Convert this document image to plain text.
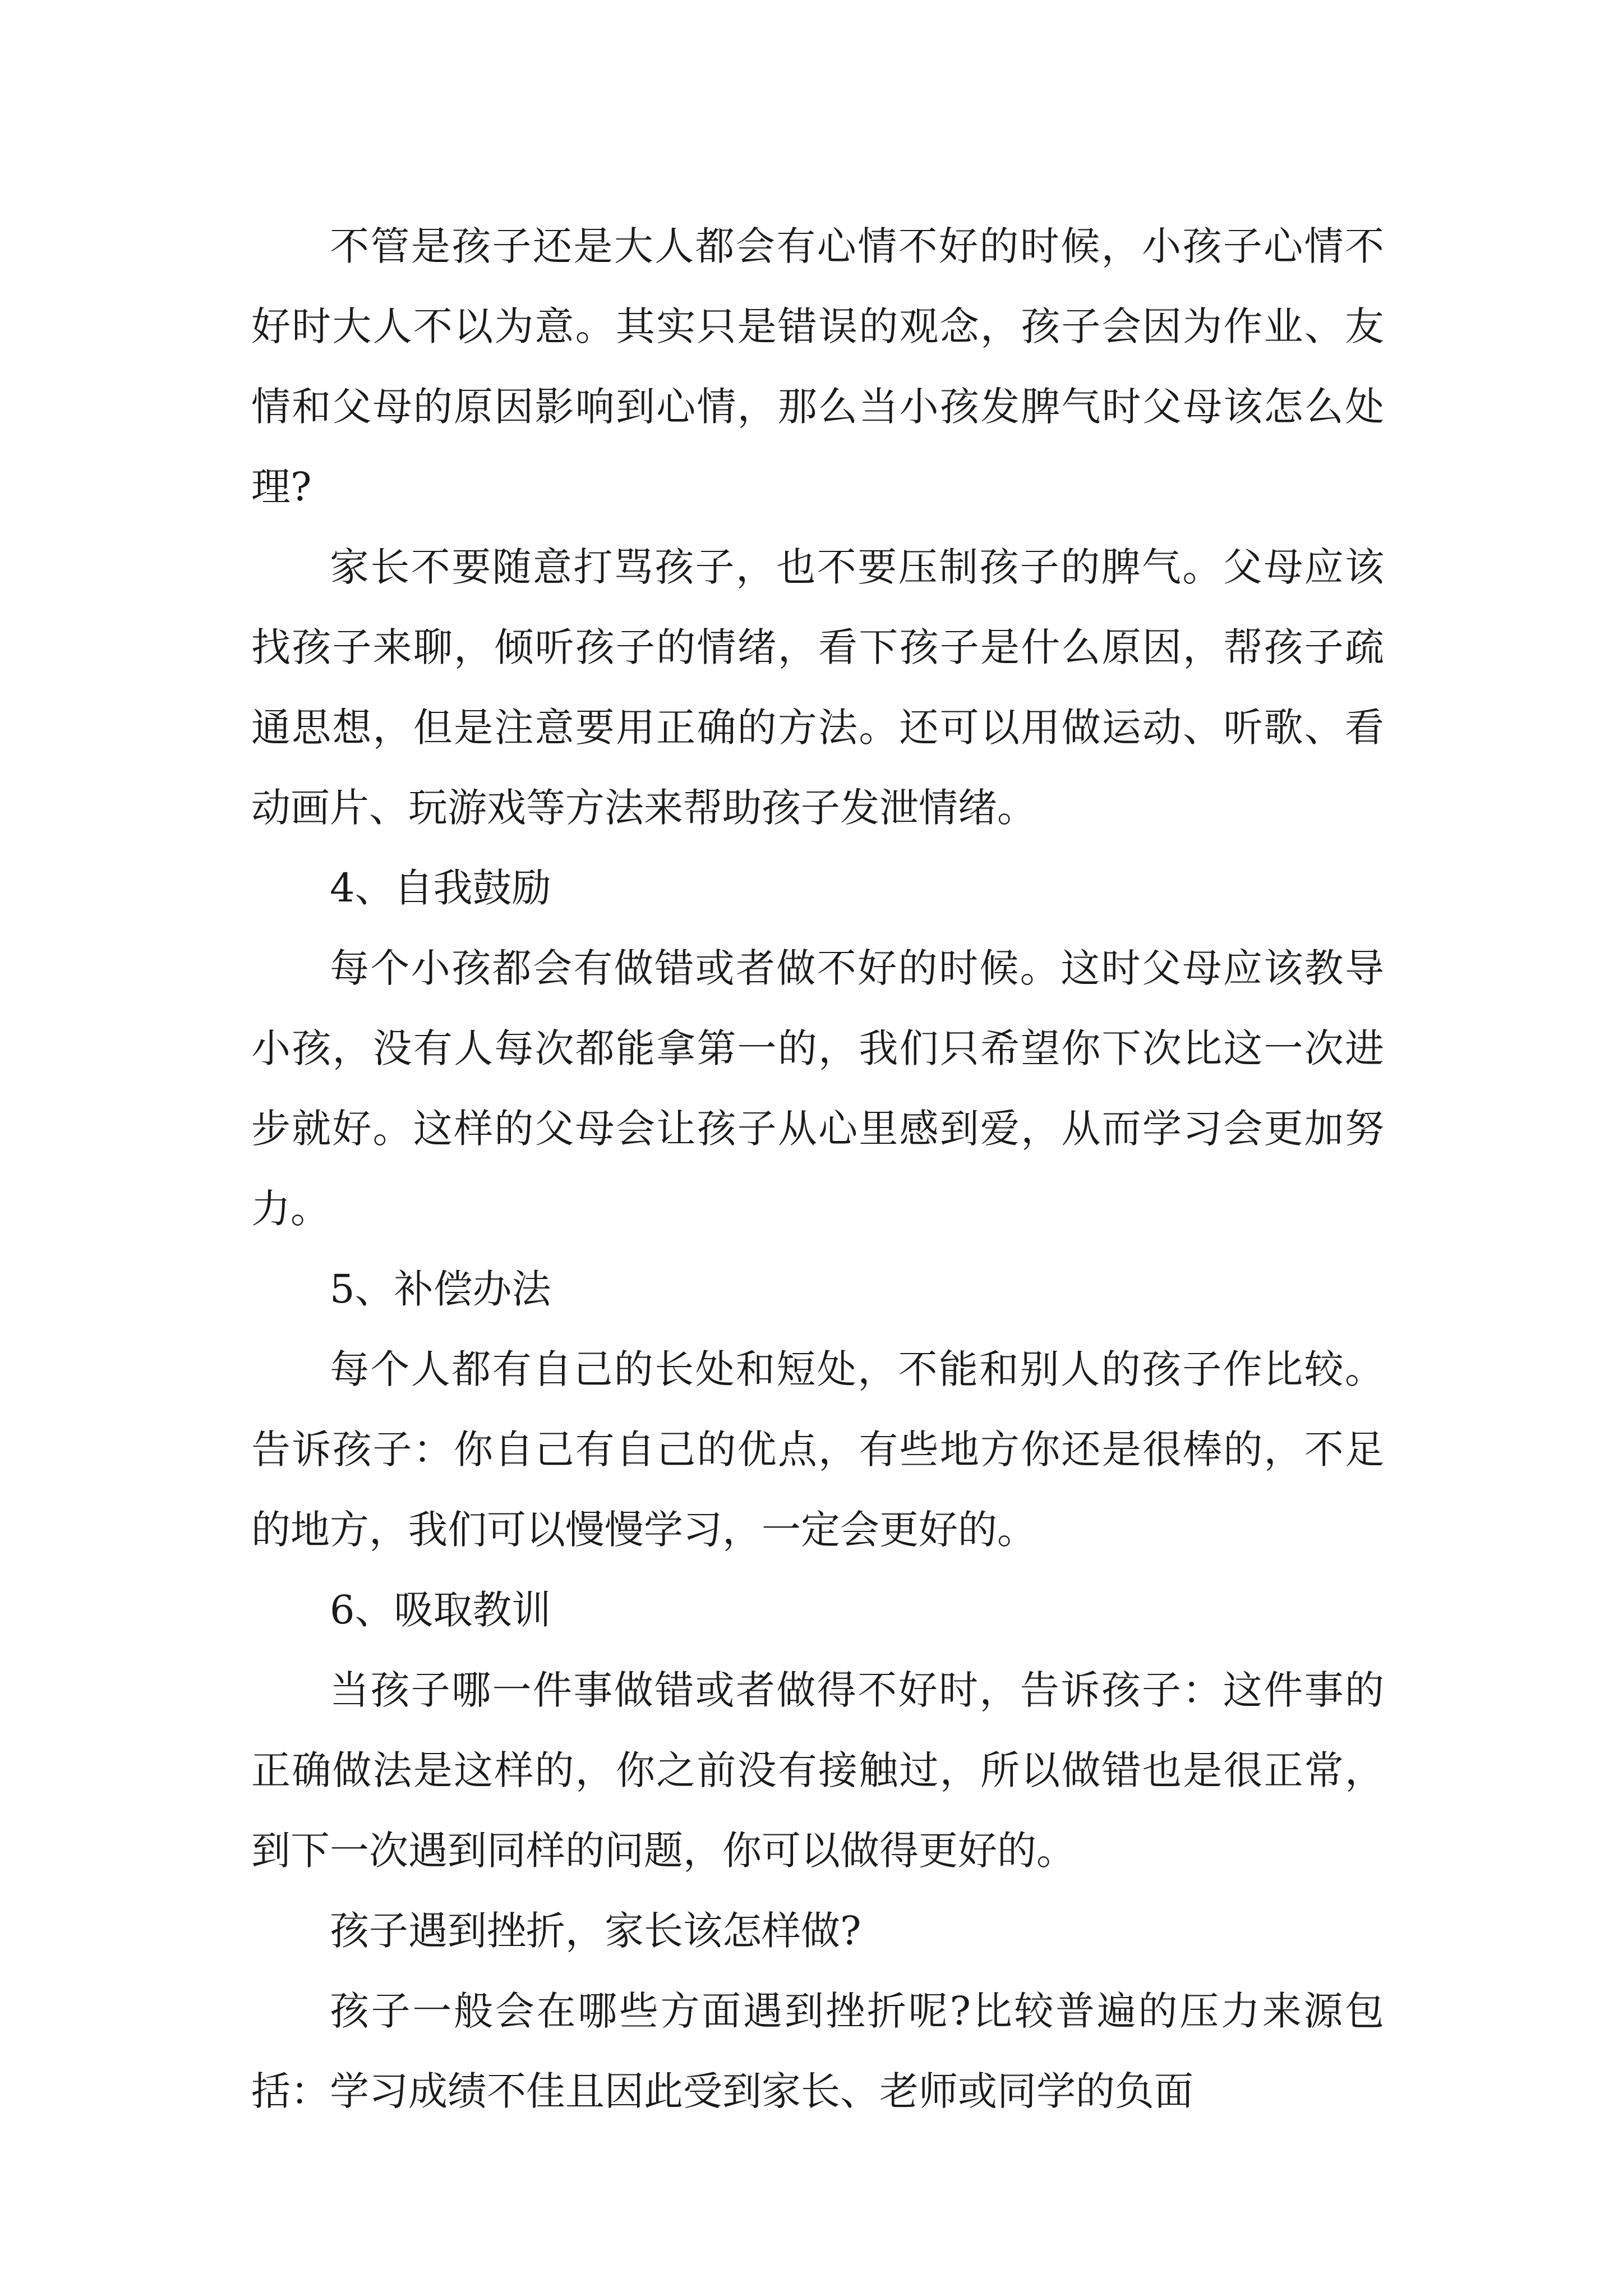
不管是孩子还是大人都会有心情不好的时候，小孩子心情不好时大人不以为意。其实只是错误的观念，孩子会因为作业、友情和父母的原因影响到心情，那么当小孩发脾气时父母该怎么处理?

家长不要随意打骂孩子，也不要压制孩子的脾气。父母应该找孩子来聊，倾听孩子的情绪，看下孩子是什么原因，帮孩子疏通思想，但是注意要用正确的方法。还可以用做运动、听歌、看动画片、玩游戏等方法来帮助孩子发泄情绪。

4、自我鼓励

每个小孩都会有做错或者做不好的时候。这时父母应该教导小孩，没有人每次都能拿第一的，我们只希望你下次比这一次进步就好。这样的父母会让孩子从心里感到爱，从而学习会更加努力。

5、补偿办法

每个人都有自己的长处和短处，不能和别人的孩子作比较。告诉孩子：你自己有自己的优点，有些地方你还是很棒的，不足的地方，我们可以慢慢学习，一定会更好的。

6、吸取教训

当孩子哪一件事做错或者做得不好时，告诉孩子：这件事的正确做法是这样的，你之前没有接触过，所以做错也是很正常，到下一次遇到同样的问题，你可以做得更好的。

孩子遇到挫折，家长该怎样做?

孩子一般会在哪些方面遇到挫折呢?比较普遍的压力来源包括：学习成绩不佳且因此受到家长、老师或同学的负面
